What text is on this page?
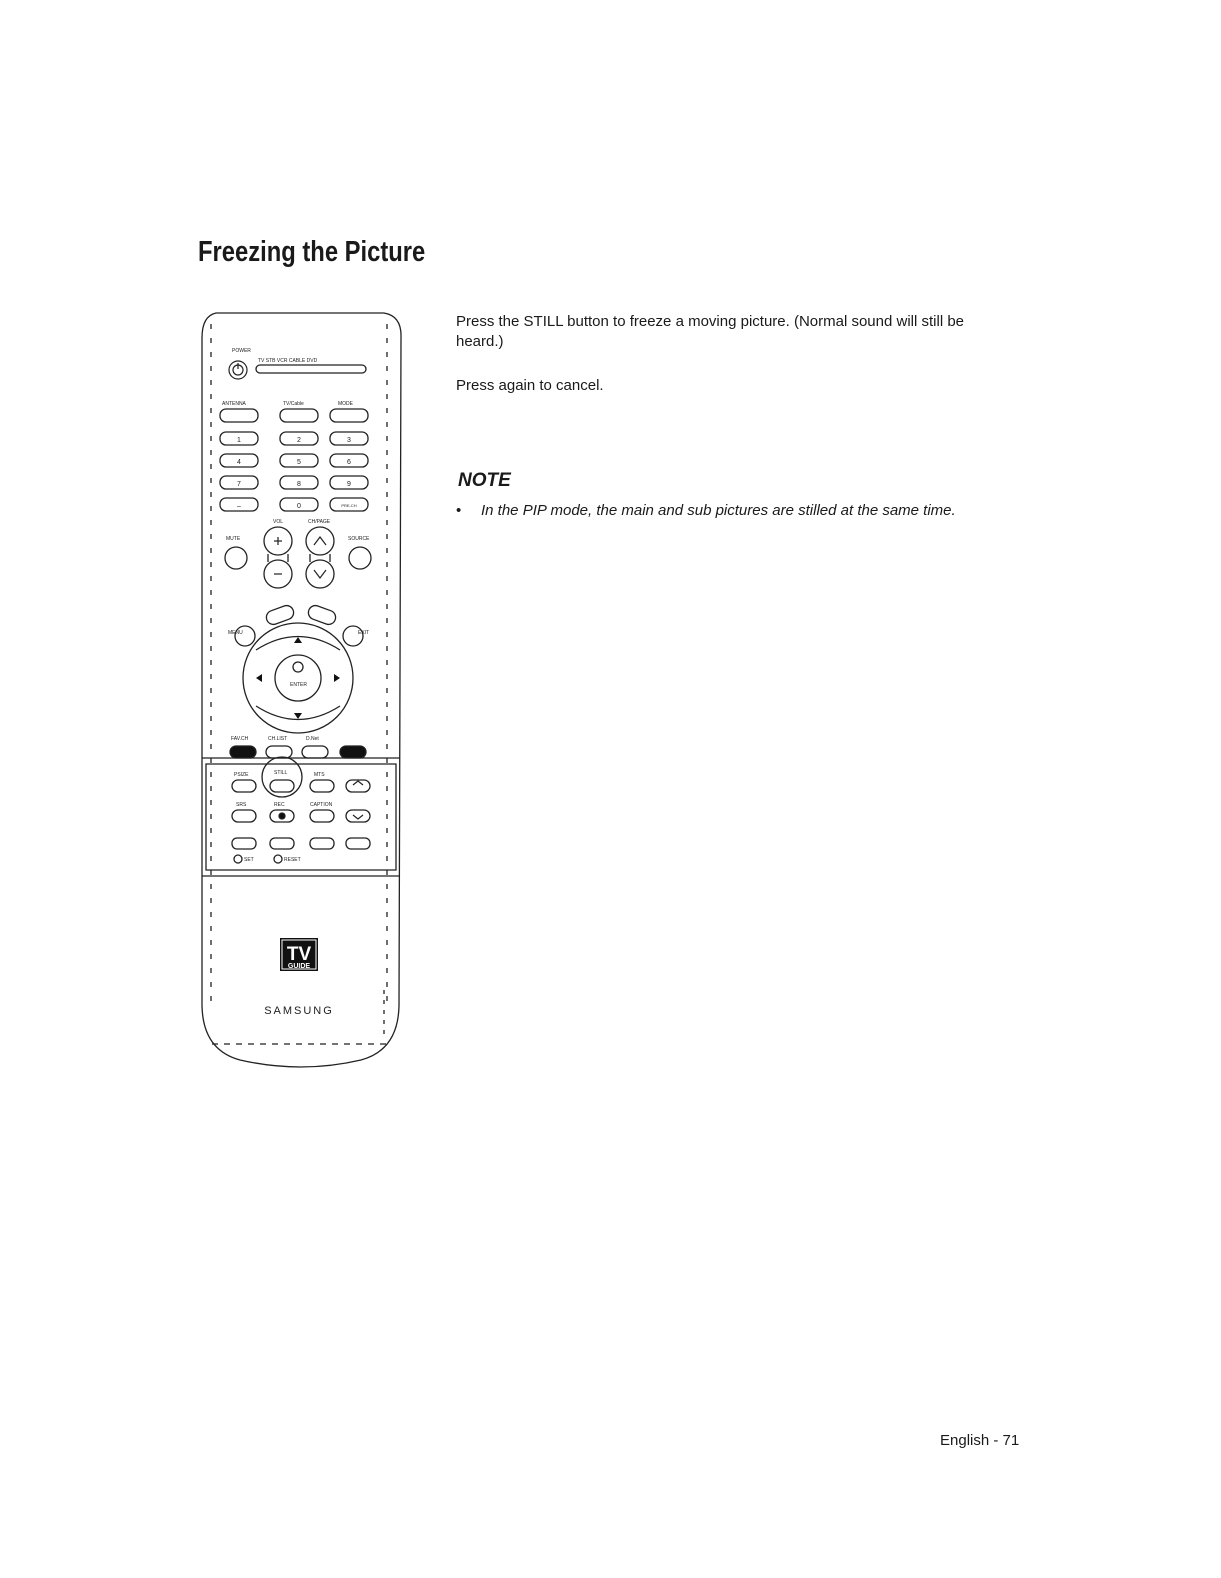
Freezing the Picture
TV
GUIDE
POWER
TV STB VCR CABLE DVD
ANTENNA	TV/Cable	MODE
VOL	CH/PAGE
MUTE	SOURCE
MENU	EXIT
ENTER
FAV.CH	CH.LIST	D.Net
PSIZE	STILL	MTS
SRS	REC	CAPTION
SET	RESET
1	2	3
4	5	6
7	8	9
–	0	PRE-CH
SAMSUNG

Press the STILL button to freeze a moving picture. (Normal sound will still be heard.)

Press again to cancel.

NOTE
• In the PIP mode, the main and sub pictures are stilled at the same time.
English - 71
